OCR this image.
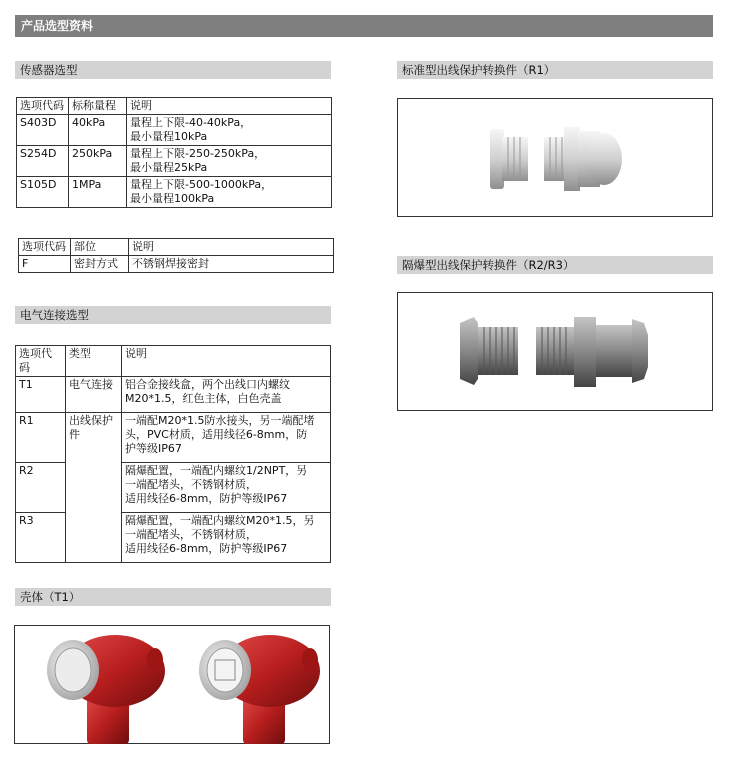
产品选型资料
传感器选型
选项代码	标称量程	说明
S403D	40kPa	量程上下限-40-40kPa，
最小量程10kPa

S254D	250kPa	量程上下限-250-250kPa，
最小量程25kPa

S105D	1MPa	量程上下限-500-1000kPa，
最小量程100kPa
选项代码	部位	说明
F	密封方式	不锈钢焊接密封
电气连接选型
选项代码	类型	说明
T1	电气连接	铝合金接线盒，两个出线口内螺纹
M20*1.5，红色主体，白色壳盖

R1	出线保护件	一端配M20*1.5防水接头，另一端配堵
头，PVC材质，适用线径6-8mm，防
护等级IP67

R2		隔爆配置，一端配内螺纹1/2NPT，另
一端配堵头，不锈钢材质，
适用线径6-8mm，防护等级IP67

R3		隔爆配置，一端配内螺纹M20*1.5，另
一端配堵头，不锈钢材质，
适用线径6-8mm，防护等级IP67
壳体（T1）
标准型出线保护转换件（R1）
隔爆型出线保护转换件（R2/R3）
